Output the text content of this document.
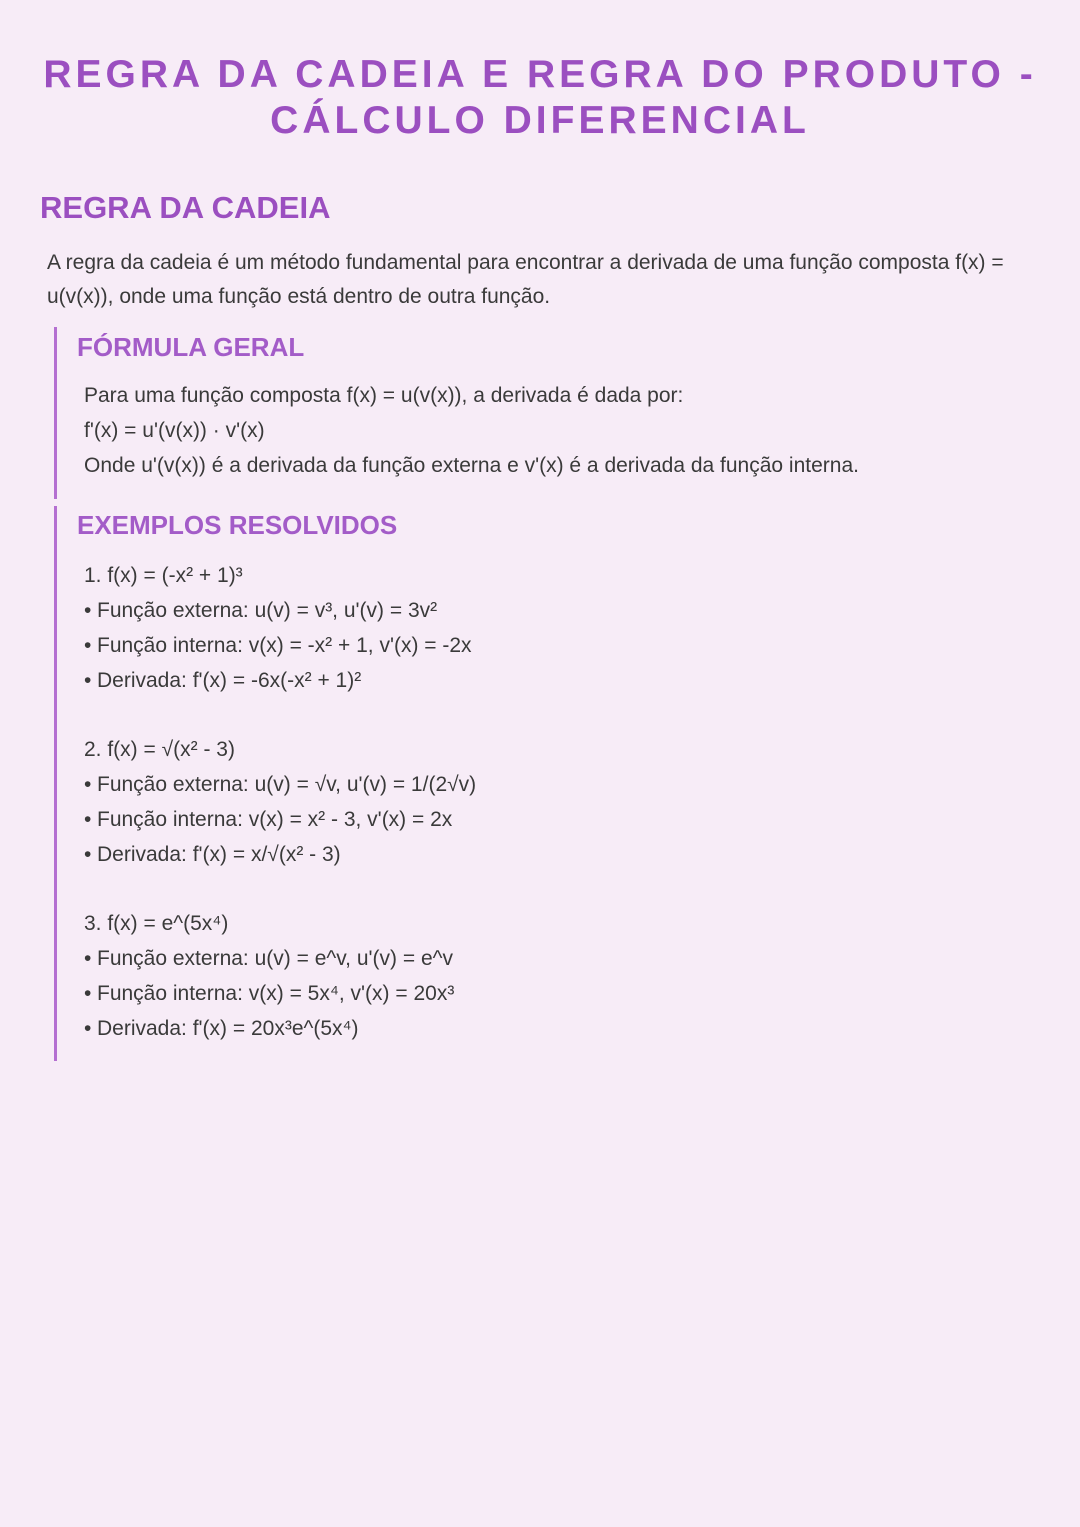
REGRA DA CADEIA E REGRA DO PRODUTO -
CÁLCULO DIFERENCIAL
REGRA DA CADEIA

A regra da cadeia é um método fundamental para encontrar a derivada de uma função composta f(x) = u(v(x)), onde uma função está dentro de outra função.

FÓRMULA GERAL
Para uma função composta f(x) = u(v(x)), a derivada é dada por:
f'(x) = u'(v(x)) · v'(x)
Onde u'(v(x)) é a derivada da função externa e v'(x) é a derivada da função interna.
EXEMPLOS RESOLVIDOS
1. f(x) = (-x² + 1)³
• Função externa: u(v) = v³, u'(v) = 3v²
• Função interna: v(x) = -x² + 1, v'(x) = -2x
• Derivada: f'(x) = -6x(-x² + 1)²
2. f(x) = √(x² - 3)
• Função externa: u(v) = √v, u'(v) = 1/(2√v)
• Função interna: v(x) = x² - 3, v'(x) = 2x
• Derivada: f'(x) = x/√(x² - 3)
3. f(x) = e^(5x⁴)
• Função externa: u(v) = e^v, u'(v) = e^v
• Função interna: v(x) = 5x⁴, v'(x) = 20x³
• Derivada: f'(x) = 20x³e^(5x⁴)
